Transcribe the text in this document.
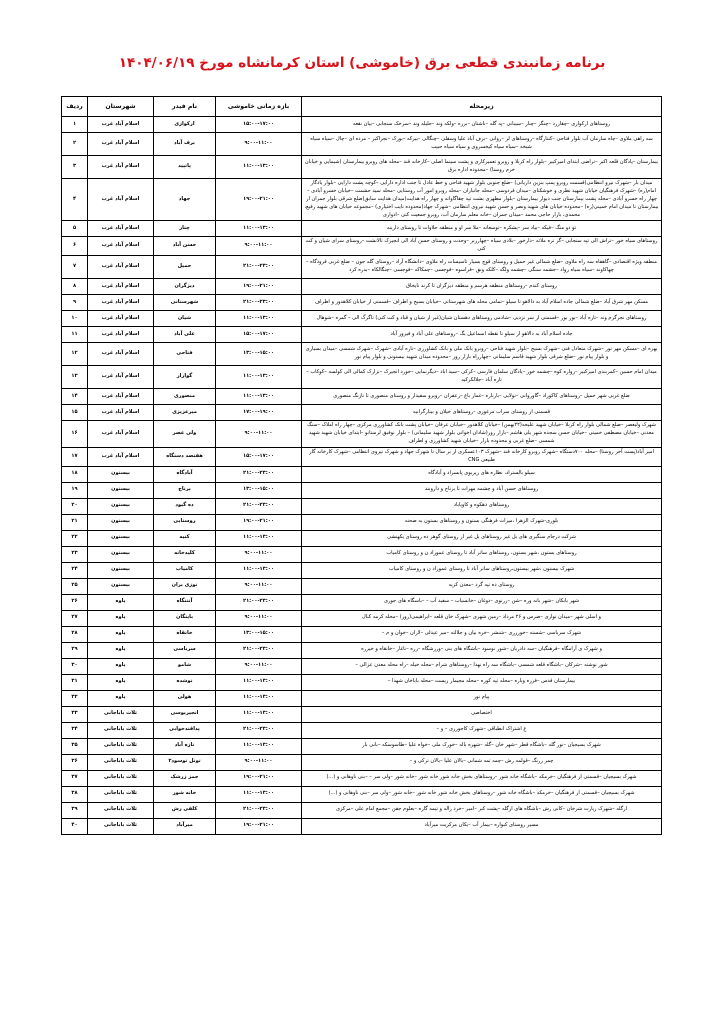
برنامه زمانبندی قطعی برق (خاموشی) استان کرمانشاه مورخ ۱۴۰۴/۰۶/۱۹
زیرمحله	بازه زمانی خاموشی	نام فیدر	شهرستان	ردیف
روستاهای ارکوازی –چقازرد –چنگر –چنار –سیبانی –په گله –ناشتان –برزه –ولکه وند –جلیله وند –سرخک سنجابی –بیان نقعه	۱۵:۰۰-۱۷:۰۰	ارکوازی	اسلام آباد غرب	۱
سه راهی ملاوی –چاه سازمان آب بلوار فتاحی –کنتارگاه –روستاهای لر –روانی –برف آباد علیا وسفلی –چنگالی –بیرکه –بورک –نجراکبر – مرده ای –چال –سیاه سیاه شیخه –سیاه سیاه کیخسروی و سیاه سیاه حبیب	۹:۰۰-۱۱:۰۰	برف آباد	اسلام آباد غرب	۲
بیمارستان –یادگان قلعه اکبر –تراضی ابتدای امیرکبیر –بلوار راه کربلا و روبرو تعمیرکاری و پشت سینما اصلی –کارخانه قند –محله های روبرو بیمارستان (شیمایی و خیابان خرم روستا) –محدوده اداره برق	۱۱:۰۰-۱۳:۰۰	پاتپید	اسلام آباد غرب	۳
میدان بار –شهرک نیرو انتظامی(قسمت روبرو پمپ بنزین داریانی) –ضلع جنوبی بلوار شهید فتاحی و خط عادل تا جنب اداره دارایی –کوچه پشت دارایی –بلوار یادگار امام(ره) –شهرک فرهنگیان خیابان شهید نظری و خوشکنای –میدان فردوسی –محله جانبازان –محله روبرو امور آب روستایی –محله سید حشمت –خیابان خسرو آبادی –چهار راه خسرو آبادی –محله پشت بیمارستان جنب دیوار بیمارستان –بلوار مطهری بشت تپه چقاگاوانه و چهار راه هدایت(میدان هدایت سابق)ضلع شرقی بلوار جمران از بیمارستان تا میدان امام خمینی(ره) –محدوده خیابان های شهید ونصر و حسن شهید نیروی انتظامی –شهرک جهاد(محدوده نایب اختیاری) –مجموعه خیابان های شهید رفیع، محمدی، بازار حاجی محمد –میدان جمران –خانه معلم سازمان آب، روبرو جمعیت کتی –ادواری	۱۹:۰۰-۲۱:۰۰	جهاد	اسلام آباد غرب	۴
تو دو منگ –فیکه –بیاد سر –پشکره –توسعانه –ملا سر او و منطقه حلاوات تا روستای دارینه	۱۱:۰۰-۱۳:۰۰	چنار	اسلام آباد غرب	۵
روستاهای سیاه خور –تراش الی تپه سنجابی –گر تره ملاثه –دارخور –بلادی سیاه –چهارزبر –وحدت و روستای حسن آباد الی انجیرک تالانشت –روستای سرای شیان و کت کتی	۹:۰۰-۱۱:۰۰	حسن آباد	اسلام آباد غرب	۶
منطقه ویژه اقتصادی –گاهفاه سه راه ملاوی –ضلع شمالی غیر حمیل و روستای قوچ بسیار تاسیسات راه ملاوی –دانشگاه آزاد –روستای گله جون – ضلع غربی فرودگاه –چهاکاوند –سیاه سیاه زواد –جشمه سنگی –چشمه ولگه –کلکه ونق –فراسوه –فوجسی –چمکاکه –فوجسی –چنگالکاه –بدره کرد	۲۱:۰۰-۲۳:۰۰	حمیل	اسلام آباد غرب	۷
روستای کندم –روستاهای منطقه هرسم و منطقه دیزگران تا کرند نایخاق	۱۹:۰۰-۲۱:۰۰	دیزگران	اسلام آباد غرب	۸
مسکن مهر شرق آباد –ضلع شمالی جاده اسلام آباد به دالاهو تا سیلو –تمامی محله های شهرستانی –خیابان بسیج و اطراف –قسمتی از خیابان کلاهدوز و اطراف	۲۱:۰۰-۲۳:۰۰	شهرستانی	اسلام آباد غرب	۹
روستاهای نجرگرم ونه –تازه آباد –بور بور –قسمتی از سر نزدیی –شادمی روستاهای دهستان شیان(غیر از شیان و قباد و کت کتی) تاگرگ الی – گمره –شوهال	۱۱:۰۰-۱۳:۰۰	شیان	اسلام آباد غرب	۱۰
جاده اسلام آباد به دالاهو از سیلو تا نقطه اسماعیل بگ –روستاهای علی آباد و فیروز آباد	۱۵:۰۰-۱۷:۰۰	علی آباد	اسلام آباد غرب	۱۱
بهره ای –مسکن مهر نور –شهرک متعادل فنی –شهرک بسیج –بلوار شهید فتاحی –روبرو بانک ملی و بانک کشاورزی –تاره آبادی –شهرک –شهرک شمسی –میدان بسیاری و بلوار پیام نور –ضلع شرقی بلوار شهید قاسم سلیمانی –چهارراه بازار روز –محدوده میدان شهید بیستونی و بلوار پیام نور	۱۳:۰۰-۱۵:۰۰	فتاحی	اسلام آباد غرب	۱۲
میدان امام حسین –کمربندی امیرکبیر –زواره کوه –چشمه خور –یادگان سلمان فارسی –کرکی –سید اباد –دیگرنمایی –خورد انجیرک –نزارک کمالی الی کولسه –کوکاب –تازه آباد –جلالکرکیه	۱۱:۰۰-۱۳:۰۰	گوارار	اسلام آباد غرب	۱۳
ضلع غربی شهر حمیل –روستاهای کاکوزاد –گاوروانی –تولایی –بارباره –غماز باغ –زعفران –روبرو سفیدار و روستای منصوری تا ناژنگ منصوری	۱۱:۰۰-۱۳:۰۰	منصوری	اسلام آباد غرب	۱۴
قسمتی از روستای سراب مرغوزی –روستاهای خیلان و بینارگرانیه	۱۷:۰۰-۱۹:۰۰	میرعزیزی	اسلام آباد غرب	۱۵
شهرک ولیعصر –ضلع شمالی بلوار راه کربلا –خیابان شهید علیجه(۲۲بهمن) –خیابان کلاهدوز –خیابان عرفان –خیابان پشت بانک کشاورزی مرکزی –چهار راه املاک –سنگ معدنی –خیابان مصطفی خمینی –خیابان حسن سجده شهر یلی هاشم –بازار روز(شادان اخوانی بلوار شهید سلیمانی) – بلوار توفیق لرستانو –ابتدای خیابان شهید شهید شمسی –ضلع غربی و محدوده بازار –خیابان شهید کشاورزی و اطراف	۹:۰۰-۱۱:۰۰	ولی عصر	اسلام آباد غرب	۱۶
امیر آباد(پست آخر روستا) –محله ۷۰۰دستگاه –شهرک روبرو کارخانه قند –شهرک ۱۰۳عسکری از بر سال تا شهرک جهاد و شهرک نیروی انتظامی –شهرک کارخانه گاز طبیعی CNG	۱۵:۰۰-۱۷:۰۰	هفتصد دستگاه	اسلام آباد غرب	۱۷
سیلو بالستراد، نظاره های زیربوی پابسراد و آبادگاه	۲۱:۰۰-۲۳:۰۰	آبادگاه	بیستون	۱۸
روستاهای حسن آباد و چشمه مهرات تا برناج و داروبند	۱۳:۰۰-۱۵:۰۰	برناج	بیستون	۱۹
روستاهای دهکوه و کاویاباد	۲۱:۰۰-۲۳:۰۰	ده گیود	بیستون	۲۰
بلوری-شهرک الزهرا ،میراث فرهنگی بستون و روستاهای بستون به صحنه	۱۹:۰۰-۲۱:۰۰	روستایی	بیستون	۲۱
شرکت درجام سنگبری های بل غیر روستاهای بل غیر از روستای گوهر ده روستای یکهنشی	۱۱:۰۰-۱۳:۰۰	کنیه	بیستون	۲۲
روستاهای بستون ،شهر بستون، روستاهای ساتر آباد تا روستای عموزاد ن و روستای کامیاب	۹:۰۰-۱۱:۰۰	کلیدخانه	بیستون	۲۳
شهرک بیستون ،شهر بیستون،روستاهای ساتر آباد تا روستای عموزاد ن و روستای کامیاب	۱۱:۰۰-۱۳:۰۰	کامیاب	بیستون	۲۴
روستای ده تپه گرد –معدن کریه	۹:۰۰-۱۱:۰۰	نوزی بران	بیستون	۲۵
شهر بابکان –شهر بانه وره –شن –زرنوی –دوغان –خانسیاب – سفید آب – –باسگاه های جوری	۲۱:۰۰-۲۳:۰۰	آنتنگاه	پاوه	۲۶
و اسلی شهر –میدان نوازی –ضرس و ۲۶ مرداد –زمین شهری –شهرک خان قلعه –ابراهیمی(روز) –محله کرمه کنال	۹:۰۰-۱۱:۰۰	بایتگان	پاوه	۲۷
شهرک سرباسی –شسته –خورزری –شنشر –خره بیان و جلالته –میر عبدلی –لازان –خوان و م –	۱۳:۰۰-۱۵:۰۰	خانقاه	پاوه	۲۸
و شهرک ی آرامگاه –فرهنگیان –سه دادریان –شور نوسود –باشگاه های بنی –ورزشگاه –زره –ناغار –خانقاه و خیرره	۲۱:۰۰-۲۳:۰۰	سرباسی	پاوه	۲۹
شور نوشته –شرکان –باشگاه قلعه شمسی –باشگاه سه راه نهدا –روستاهای شرام –محله خیله –راه محله معدن عزالی –	۹:۰۰-۱۱:۰۰	شامو	پاوه	۳۰
بیمارستان قدس –فرزه وباره –محله تپه کوره –محله مجیماز زیست –محله باباخان شهدا –	۱۱:۰۰-۱۳:۰۰	نوشده	پاوه	۳۱
پیام نور	۱۱:۰۰-۱۳:۰۰	هولی	پاوه	۳۲
اختصاصی	۱۱:۰۰-۱۳:۰۰	انجیربوسی	ثلاث باباجانی	۳۳
غ اشتراک انطباقی –شهرک کاجورزی – و –	۲۱:۰۰-۲۳:۰۰	پداقندخوابی	ثلاث باباجانی	۳۴
شهرک بسیجیان –نور گله –باشگاه قطر –شهر خان –گله –شهره باله –خورک ملی –خواه علیا –طاسوسکه –بانی بار	۱۱:۰۰-۱۳:۰۰	تازه آباد	ثلاث باباجانی	۳۵
چمر زرنگ –قولمه رش –چمه تمه شمانی –بالان علیا –بالان ترکی و –	۹:۰۰-۱۱:۰۰	تونل نوسود۲	ثلاث باباجانی	۳۶
شهرک بسیجیان –قسمتی از فرهنگیان –خرمکه –باشگاه خانه شور –روستاهای بخش خانه شور خانه شور –خانه شور –ولی سر – –بنی ناوهانی و (...)	۱۹:۰۰-۲۱:۰۰	جمز زرشک	ثلاث باباجانی	۳۷
شهرک بسیجیان –قسمتی از فرهنگیان –خرمکه –باشگاه خانه شور –روستاهای بخش خانه شور خانه شور –خانه شور –ولی سر –بنی ناوهانی و (...)	۱۱:۰۰-۱۳:۰۰	خانه شور	ثلاث باباجانی	۳۸
ازگله –شهرک زیارت شرخان –کانی رش –باشگاه های ازگله –پشت کنر –امیر –خرد زاله و تیمه گازه –بعلوم جفن –مجمع امام علی –مرکزی	۲۱:۰۰-۲۳:۰۰	کلفی رش	ثلاث باباجانی	۳۹
مسیر روستای کبواره –بیمار آب –بکان مرکزیت میرآباد	۱۹:۰۰-۲۱:۰۰	میرآباد	ثلاث باباجانی	۴۰
